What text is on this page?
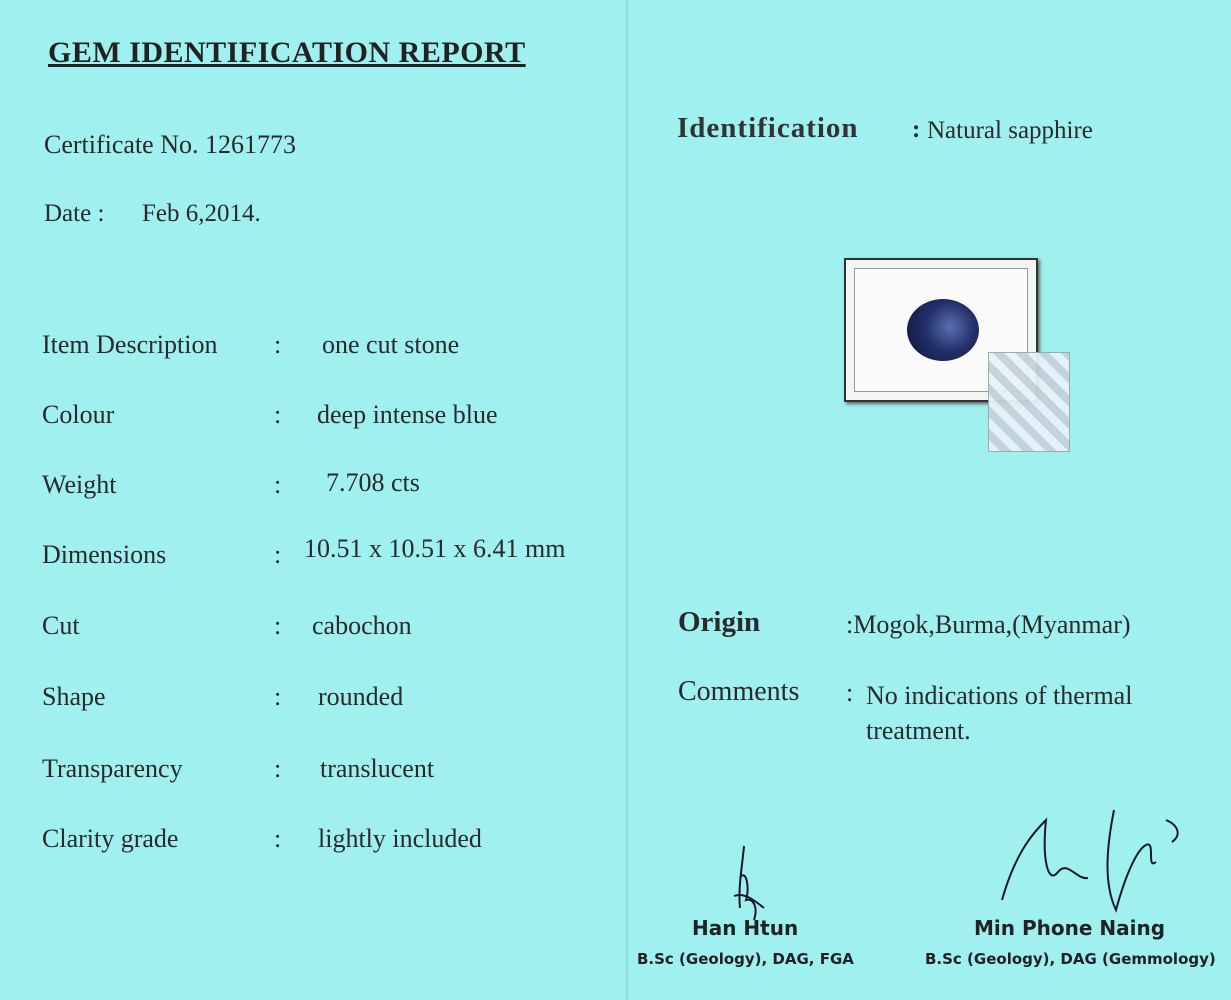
GEM IDENTIFICATION REPORT
Certificate No. 1261773
Date : Feb 6,2014.
Item Description : one cut stone
Colour	: deep intense blue
Weight	: 7.708 cts
Dimensions	: 10.51 x 10.51 x 6.41 mm
Cut	: cabochon
Shape	: rounded
Transparency	: translucent
Clarity grade	: lightly included
Identification : Natural sapphire
Origin	:Mogok,Burma,(Myanmar)
Comments : No indications of thermal treatment.
Han Htun
B.Sc (Geology), DAG, FGA
Min Phone Naing
B.Sc (Geology), DAG (Gemmology)
